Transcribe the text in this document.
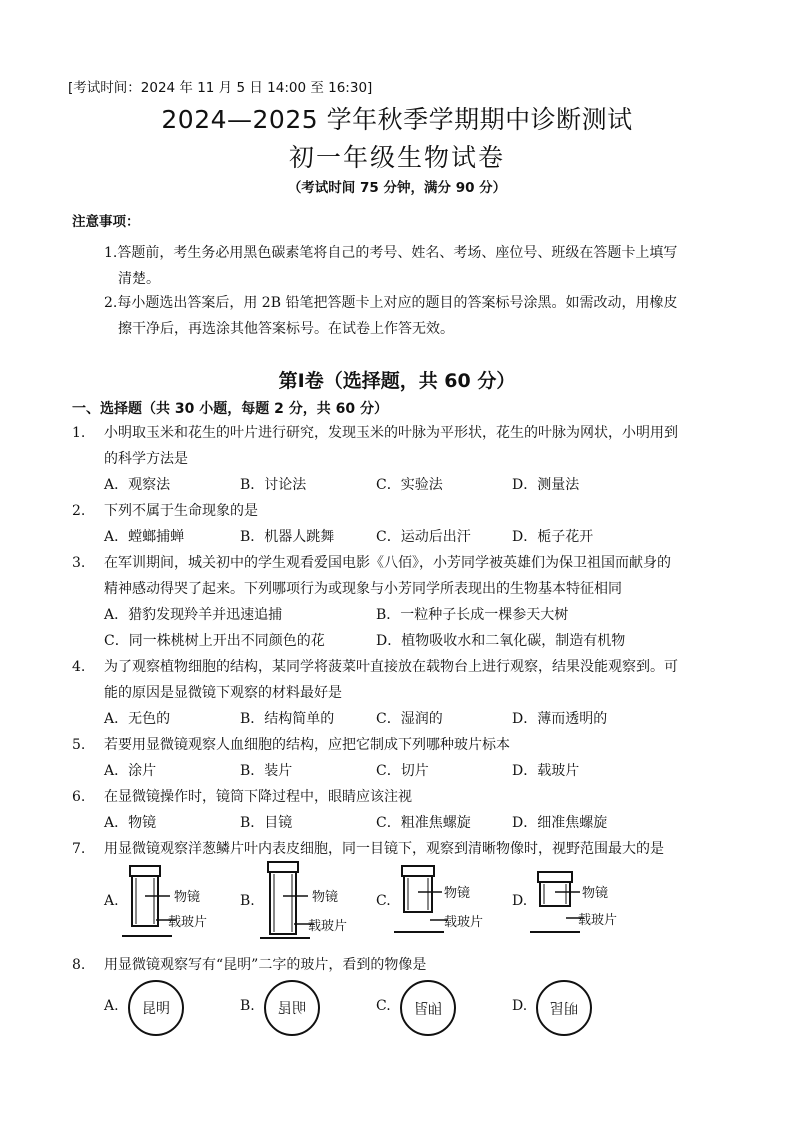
[考试时间：2024 年 11 月 5 日 14:00 至 16:30]
2024—2025 学年秋季学期期中诊断测试
初一年级生物试卷
（考试时间 75 分钟，满分 90 分）
注意事项：
1.答题前，考生务必用黑色碳素笔将自己的考号、姓名、考场、座位号、班级在答题卡上填写
清楚。
2.每小题选出答案后，用 2B 铅笔把答题卡上对应的题目的答案标号涂黑。如需改动，用橡皮
擦干净后，再选涂其他答案标号。在试卷上作答无效。
第Ⅰ卷（选择题，共 60 分）
一、选择题（共 30 小题，每题 2 分，共 60 分）
1.	小明取玉米和花生的叶片进行研究，发现玉米的叶脉为平形状，花生的叶脉为网状，小明用到
的科学方法是
A．观察法	B．讨论法	C．实验法	D．测量法
2.	下列不属于生命现象的是
A．螳螂捕蝉	B．机器人跳舞	C．运动后出汗	D．栀子花开
3.	在军训期间，城关初中的学生观看爱国电影《八佰》，小芳同学被英雄们为保卫祖国而献身的
精神感动得哭了起来。下列哪项行为或现象与小芳同学所表现出的生物基本特征相同
A．猎豹发现羚羊并迅速追捕	B．一粒种子长成一棵参天大树
C．同一株桃树上开出不同颜色的花	D．植物吸收水和二氧化碳，制造有机物
4.	为了观察植物细胞的结构，某同学将菠菜叶直接放在载物台上进行观察，结果没能观察到。可
能的原因是显微镜下观察的材料最好是
A．无色的	B．结构简单的	C．湿润的	D．薄而透明的
5.	若要用显微镜观察人血细胞的结构，应把它制成下列哪种玻片标本
A．涂片	B．装片	C．切片	D．载玻片
6.	在显微镜操作时，镜筒下降过程中，眼睛应该注视
A．物镜	B．目镜	C．粗准焦螺旋	D．细准焦螺旋
7.	用显微镜观察洋葱鳞片叶内表皮细胞，同一目镜下，观察到清晰物像时，视野范围最大的是
A.	物镜
载玻片
B.	物镜
载玻片
C.	物镜
载玻片
D.	物镜
载玻片
8.	用显微镜观察写有“昆明”二字的玻片，看到的物像是
A. 昆明	B. 明昆	C. 昆明	D. 明昆
